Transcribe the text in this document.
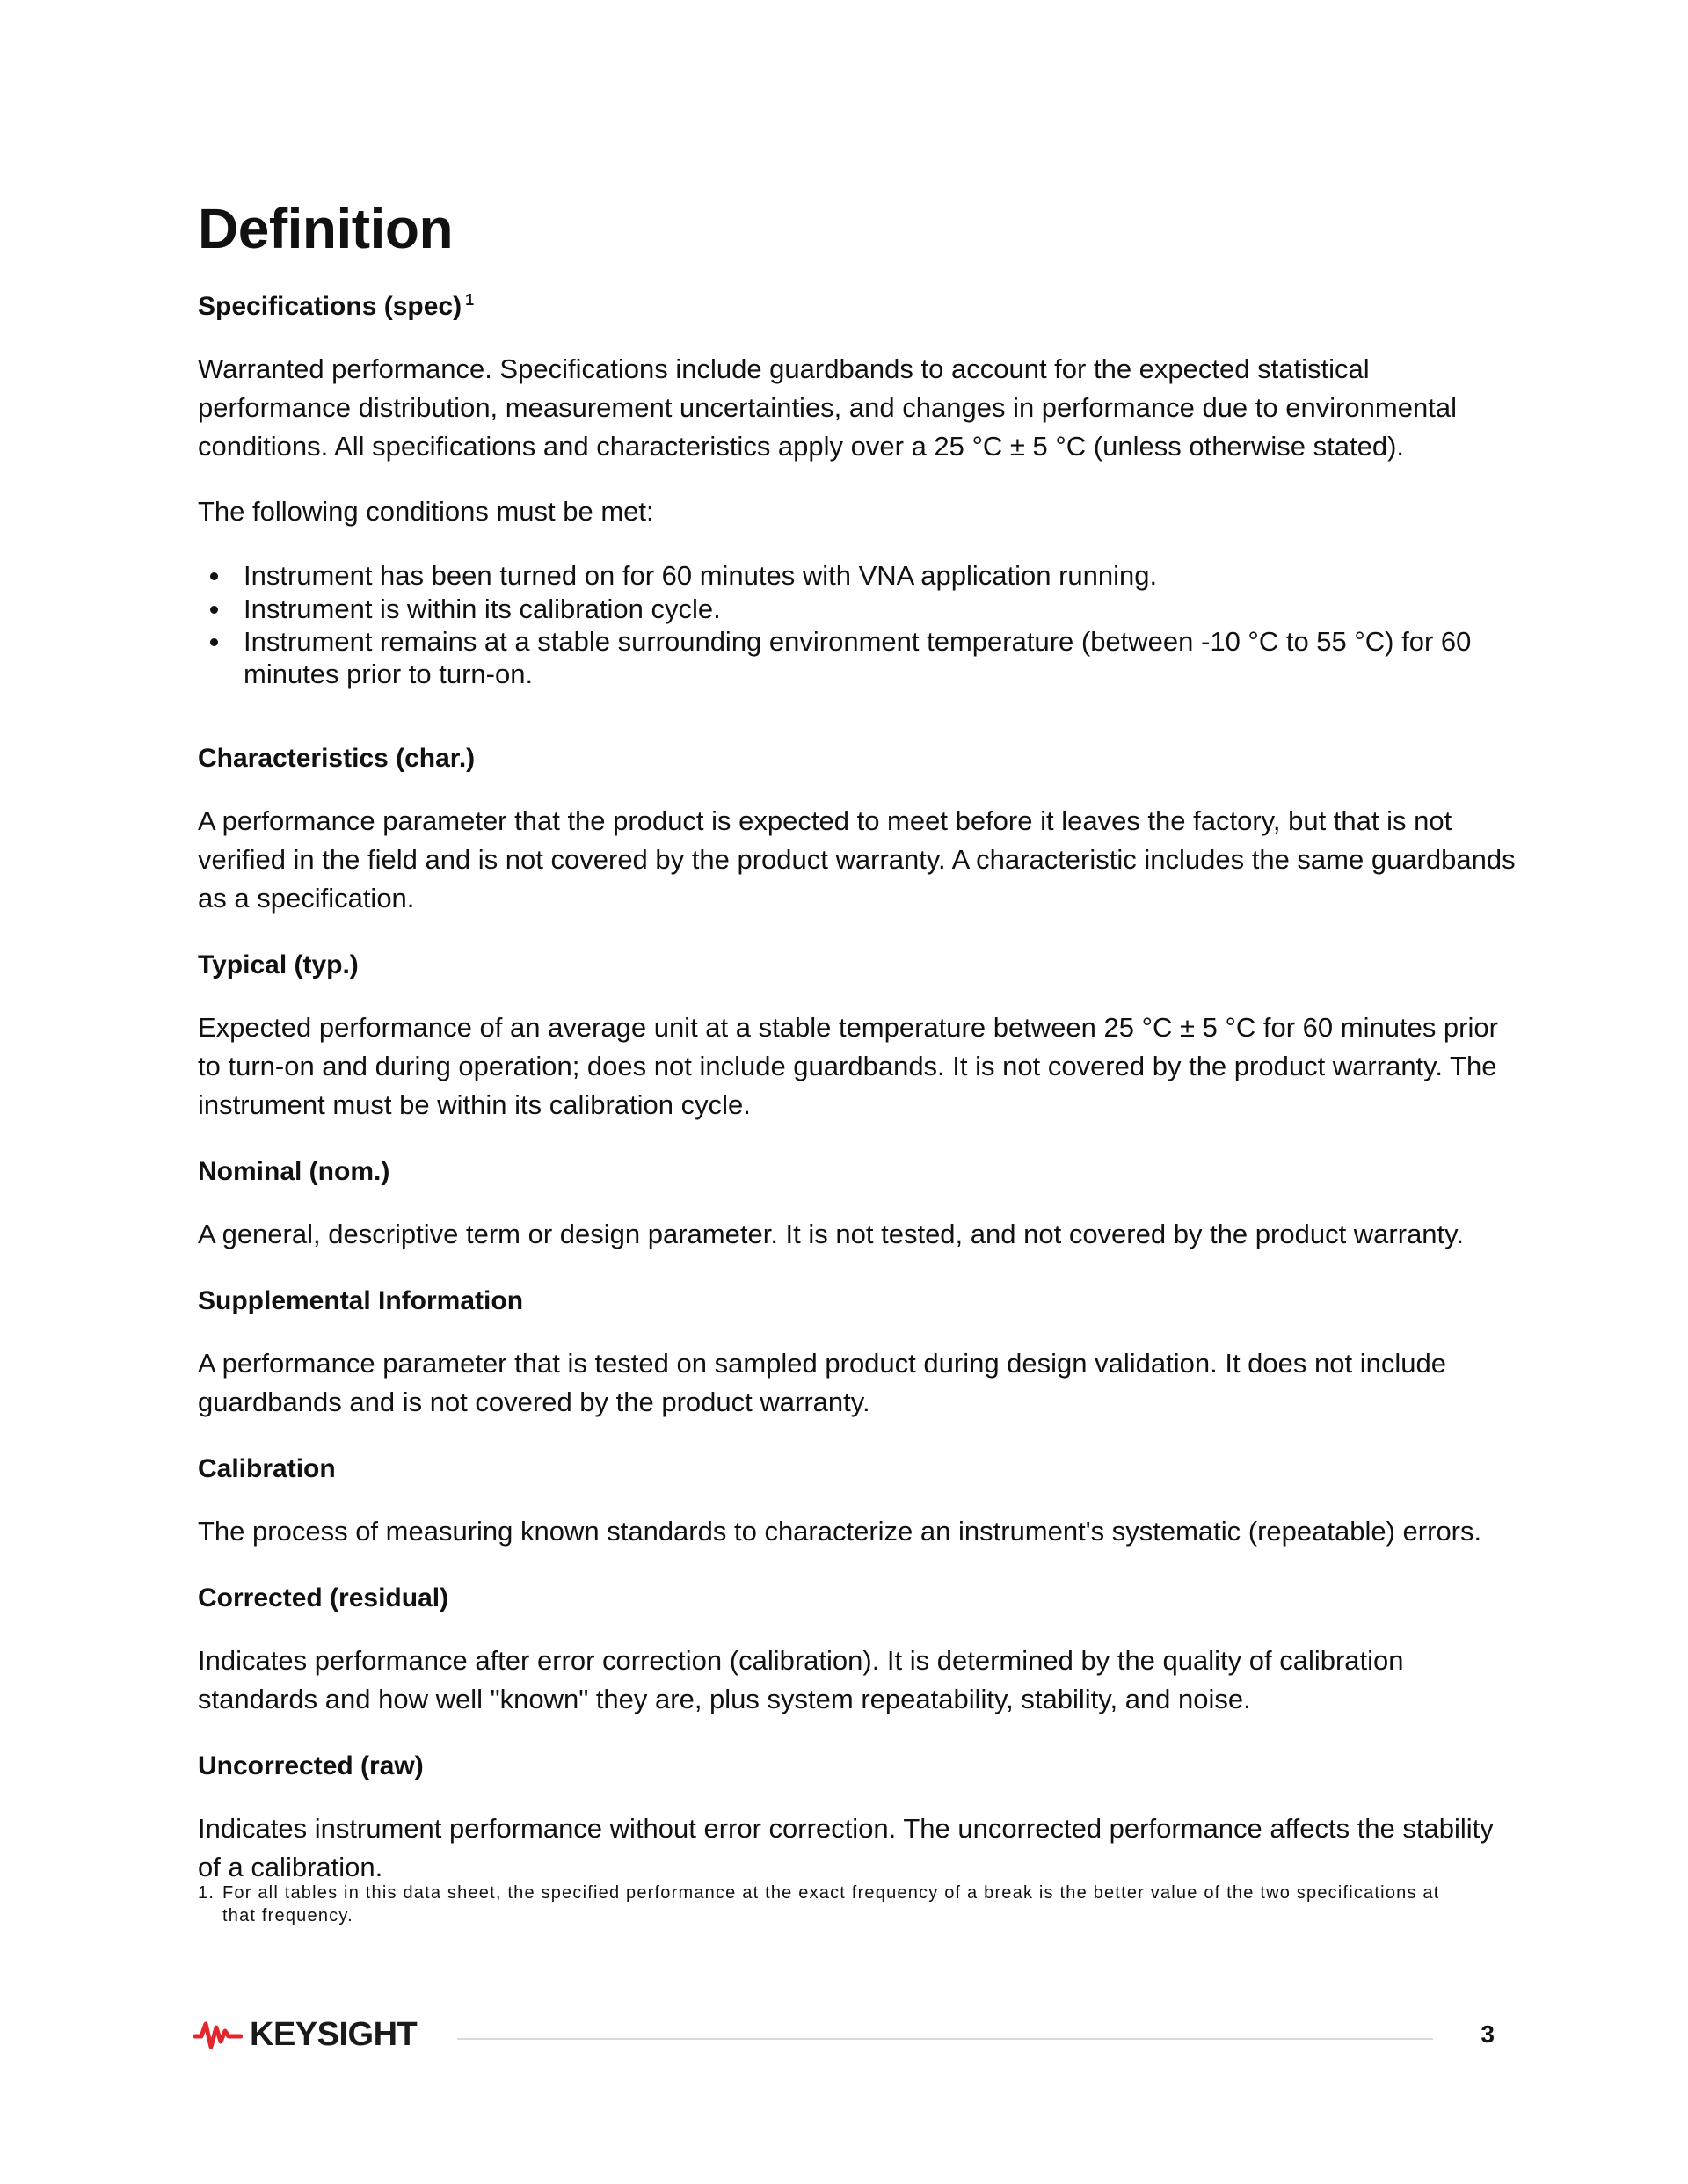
Definition
Specifications (spec) $^1$

Warranted performance. Specifications include guardbands to account for the expected statistical performance distribution, measurement uncertainties, and changes in performance due to environmental conditions. All specifications and characteristics apply over a 25 °C ± 5 °C (unless otherwise stated).

The following conditions must be met:

Instrument has been turned on for 60 minutes with VNA application running.
Instrument is within its calibration cycle.
Instrument remains at a stable surrounding environment temperature (between -10 °C to 55 °C) for 60 minutes prior to turn-on.
Characteristics (char.)

A performance parameter that the product is expected to meet before it leaves the factory, but that is not verified in the field and is not covered by the product warranty. A characteristic includes the same guardbands as a specification.

Typical (typ.)

Expected performance of an average unit at a stable temperature between 25 °C ± 5 °C for 60 minutes prior to turn-on and during operation; does not include guardbands. It is not covered by the product warranty. The instrument must be within its calibration cycle.

Nominal (nom.)

A general, descriptive term or design parameter. It is not tested, and not covered by the product warranty.

Supplemental Information

A performance parameter that is tested on sampled product during design validation. It does not include guardbands and is not covered by the product warranty.

Calibration

The process of measuring known standards to characterize an instrument's systematic (repeatable) errors.

Corrected (residual)

Indicates performance after error correction (calibration). It is determined by the quality of calibration standards and how well "known" they are, plus system repeatability, stability, and noise.

Uncorrected (raw)

Indicates instrument performance without error correction. The uncorrected performance affects the stability of a calibration.

1. For all tables in this data sheet, the specified performance at the exact frequency of a break is the better value of the two specifications at that frequency.
KEYSIGHT	3
